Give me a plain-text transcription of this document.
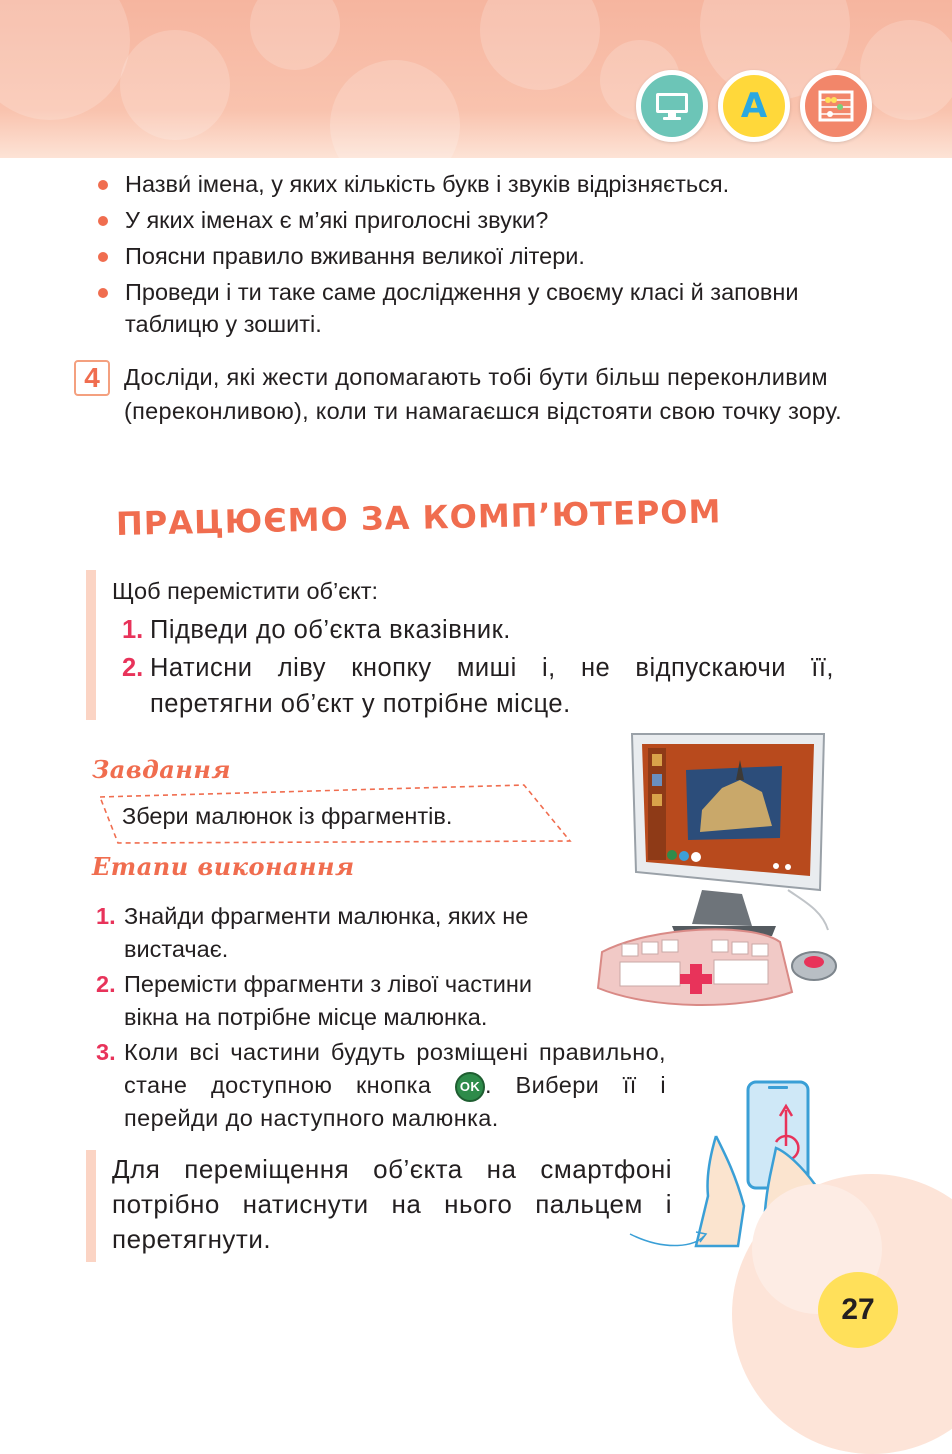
A
Назви́ імена, у яких кількість букв і звуків відрізняється.
У яких іменах є м’які приголосні звуки?
Поясни правило вживання великої літери.
Проведи і ти таке саме дослідження у своєму класі й заповни таблицю у зошиті.
4	Досліди, які жести допомагають тобі бути більш переконливим (переконливою), коли ти намагаєшся відстояти свою точку зору.

ПРАЦЮЄМО ЗА КОМП’ЮТЕРОМ

Щоб перемістити об’єкт:

1. Підведи до об’єкта вказівник.
2. Натисни ліву кнопку миші і, не відпускаючи її, перетягни об’єкт у потрібне місце.
Завдання

Збери малюнок із фрагментів.

Етапи виконання
1. Знайди фрагменти малюнка, яких не вистачає.
2. Перемісти фрагменти з лівої частини вікна на потрібне місце малюнка.
3. Коли всі частини будуть розміщені правильно, стане доступною кнопка OK . Вибери її і перейди до наступного малюнка.

Для переміщення об’єкта на смартфоні потрібно натиснути на нього пальцем і перетягнути.

27
